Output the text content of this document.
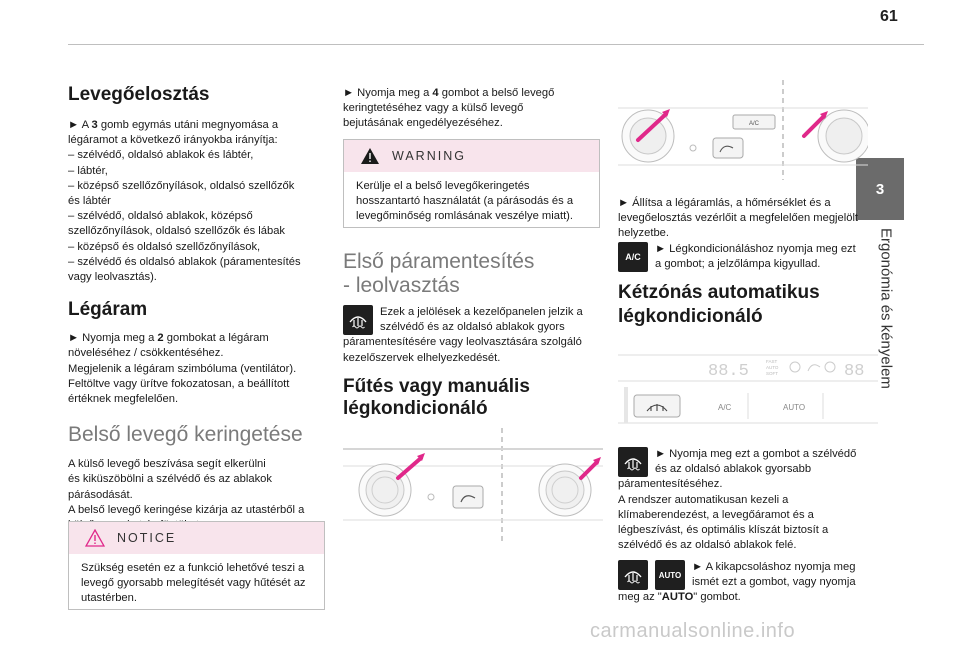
61
3
Ergonómia és kényelem
Levegőelosztás
► A 3 gomb egymás utáni megnyomása a
légáramot a következő irányokba irányítja:
– szélvédő, oldalsó ablakok és lábtér,
– lábtér,
– középső szellőzőnyílások, oldalsó szellőzők
és lábtér
– szélvédő, oldalsó ablakok, középső
szellőzőnyílások, oldalsó szellőzők és lábak
– középső és oldalsó szellőzőnyílások,
– szélvédő és oldalsó ablakok (páramentesítés
vagy leolvasztás).
Légáram
► Nyomja meg a 2 gombokat a légáram
növeléséhez / csökkentéséhez.
Megjelenik a légáram szimbóluma (ventilátor).
Feltöltve vagy ürítve fokozatosan, a beállított
értéknek megfelelően.
Belső levegő keringetése
A külső levegő beszívása segít elkerülni
és kiküszöbölni a szélvédő és az ablakok
párásodását.
A belső levegő keringése kizárja az utastérből a
NOTICE
Szükség esetén ez a funkció lehetővé teszi a
levegő gyorsabb melegítését vagy hűtését az
utastérben.
► Nyomja meg a 4 gombot a belső levegő
keringtetéséhez vagy a külső levegő
bejutásának engedélyezéséhez.
WARNING
Kerülje el a belső levegőkeringetés
hosszantartó használatát (a párásodás és a
levegőminőség romlásának veszélye miatt).
Első páramentesítés
- leolvasztás
Ezek a jelölések a kezelőpanelen jelzik a
szélvédő és az oldalsó ablakok gyors
páramentesítésére vagy leolvasztására szolgáló
kezelőszervek elhelyezkedését.
Fűtés vagy manuális
légkondicionáló
A/C
► Állítsa a légáramlás, a hőmérséklet és a
levegőelosztás vezérlőit a megfelelően megjelölt
helyzetbe.
A/C
► Légkondicionáláshoz nyomja meg ezt
a gombot; a jelzőlámpa kigyullad.
Kétzónás automatikus
légkondicionáló
88.5
FAST
AUTO
SOFT	88
A/C	AUTO
► Nyomja meg ezt a gombot a szélvédő
és az oldalsó ablakok gyorsabb
páramentesítéséhez.
A rendszer automatikusan kezeli a
klímaberendezést, a levegőáramot és a
légbeszívást, és optimális klíszát biztosít a
szélvédő és az oldalsó ablakok felé.
AUTO
► A kikapcsoláshoz nyomja meg
ismét ezt a gombot, vagy nyomja
meg az "AUTO" gombot.
carmanualsonline.info
